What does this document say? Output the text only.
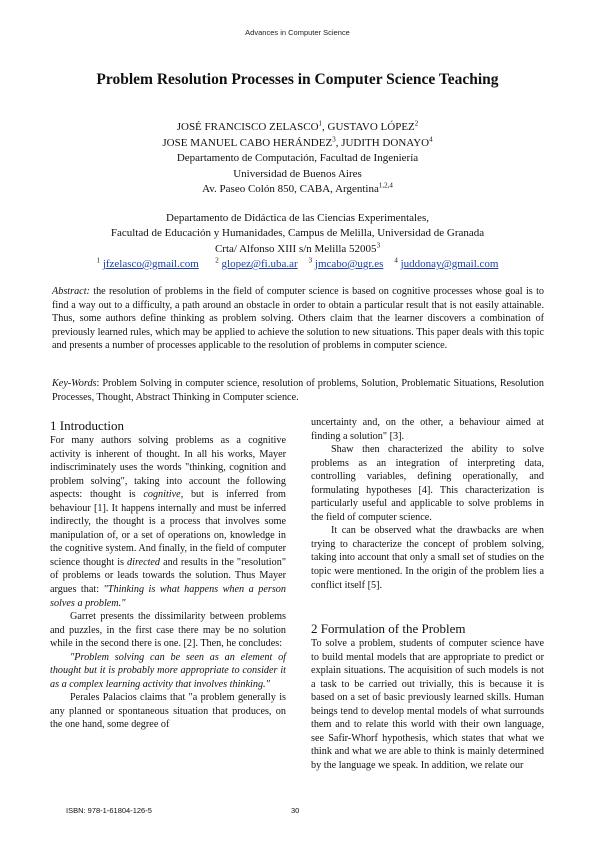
Advances in Computer Science
Problem Resolution Processes in Computer Science Teaching
JOSÉ FRANCISCO ZELASCO$^1$, GUSTAVO LÓPEZ$^2$
JOSE MANUEL CABO HERÁNDEZ$^3$, JUDITH DONAYO$^4$
Departamento de Computación, Facultad de Ingeniería
Universidad de Buenos Aires
Av. Paseo Colón 850, CABA, Argentina$^{1,2,4}$
Departamento de Didáctica de las Ciencias Experimentales,
Facultad de Educación y Humanidades, Campus de Melilla, Universidad de Granada
Crta/ Alfonso XIII s/n Melilla 52005$^3$
$^1$ jfzelasco@gmail.com $^2$ glopez@fi.uba.ar $^3$ jmcabo@ugr.es $^4$ juddonay@gmail.com
Abstract: the resolution of problems in the field of computer science is based on cognitive processes whose goal is to find a way out to a difficulty, a path around an obstacle in order to obtain a particular result that is not easily attainable. Thus, some authors define thinking as problem solving. Others claim that the learner discovers a combination of previously learned rules, which may be applied to achieve the solution to new situations. This paper deals with this topic and presents a number of processes applicable to the resolution of problems in computer science.
Key-Words: Problem Solving in computer science, resolution of problems, Solution, Problematic Situations, Resolution Processes, Thought, Abstract Thinking in Computer science.
1 Introduction

For many authors solving problems as a cognitive activity is inherent of thought. In all his works, Mayer indiscriminately uses the words "thinking, cognition and problem solving", taking into account the following aspects: thought is cognitive, but is inferred from behaviour [1]. It happens internally and must be inferred indirectly, the thought is a process that involves some manipulation of, or a set of operations on, knowledge in the cognitive system. And finally, in the field of computer science thought is directed and results in the "resolution" of problems or leads towards the solution. Thus Mayer argues that: "Thinking is what happens when a person solves a problem."

Garret presents the dissimilarity between problems and puzzles, in the first case there may be no solution while in the second there is one. [2]. Then, he concludes:

"Problem solving can be seen as an element of thought but it is probably more appropriate to consider it as a complex learning activity that involves thinking."

Perales Palacios claims that "a problem generally is any planned or spontaneous situation that produces, on the one hand, some degree of

uncertainty and, on the other, a behaviour aimed at finding a solution" [3].

Shaw then characterized the ability to solve problems as an integration of interpreting data, controlling variables, defining operationally, and formulating hypotheses [4]. This characterization is particularly useful and applicable to solve problems in the field of computer science.

It can be observed what the drawbacks are when trying to characterize the concept of problem solving, taking into account that only a small set of studies on the topic were mentioned. In the origin of the problem lies a conflict itself [5].

2 Formulation of the Problem

To solve a problem, students of computer science have to build mental models that are appropriate to predict or explain situations. The acquisition of such models is not a task to be carried out trivially, this is because it is based on a set of basic previously learned skills. Human beings tend to develop mental models of what surrounds them and to relate this world with their own language, see Safir-Whorf hypothesis, which states that what we think and what we are able to think is mainly determined by the language we speak. In addition, we relate our

ISBN: 978-1-61804-126-5	30
